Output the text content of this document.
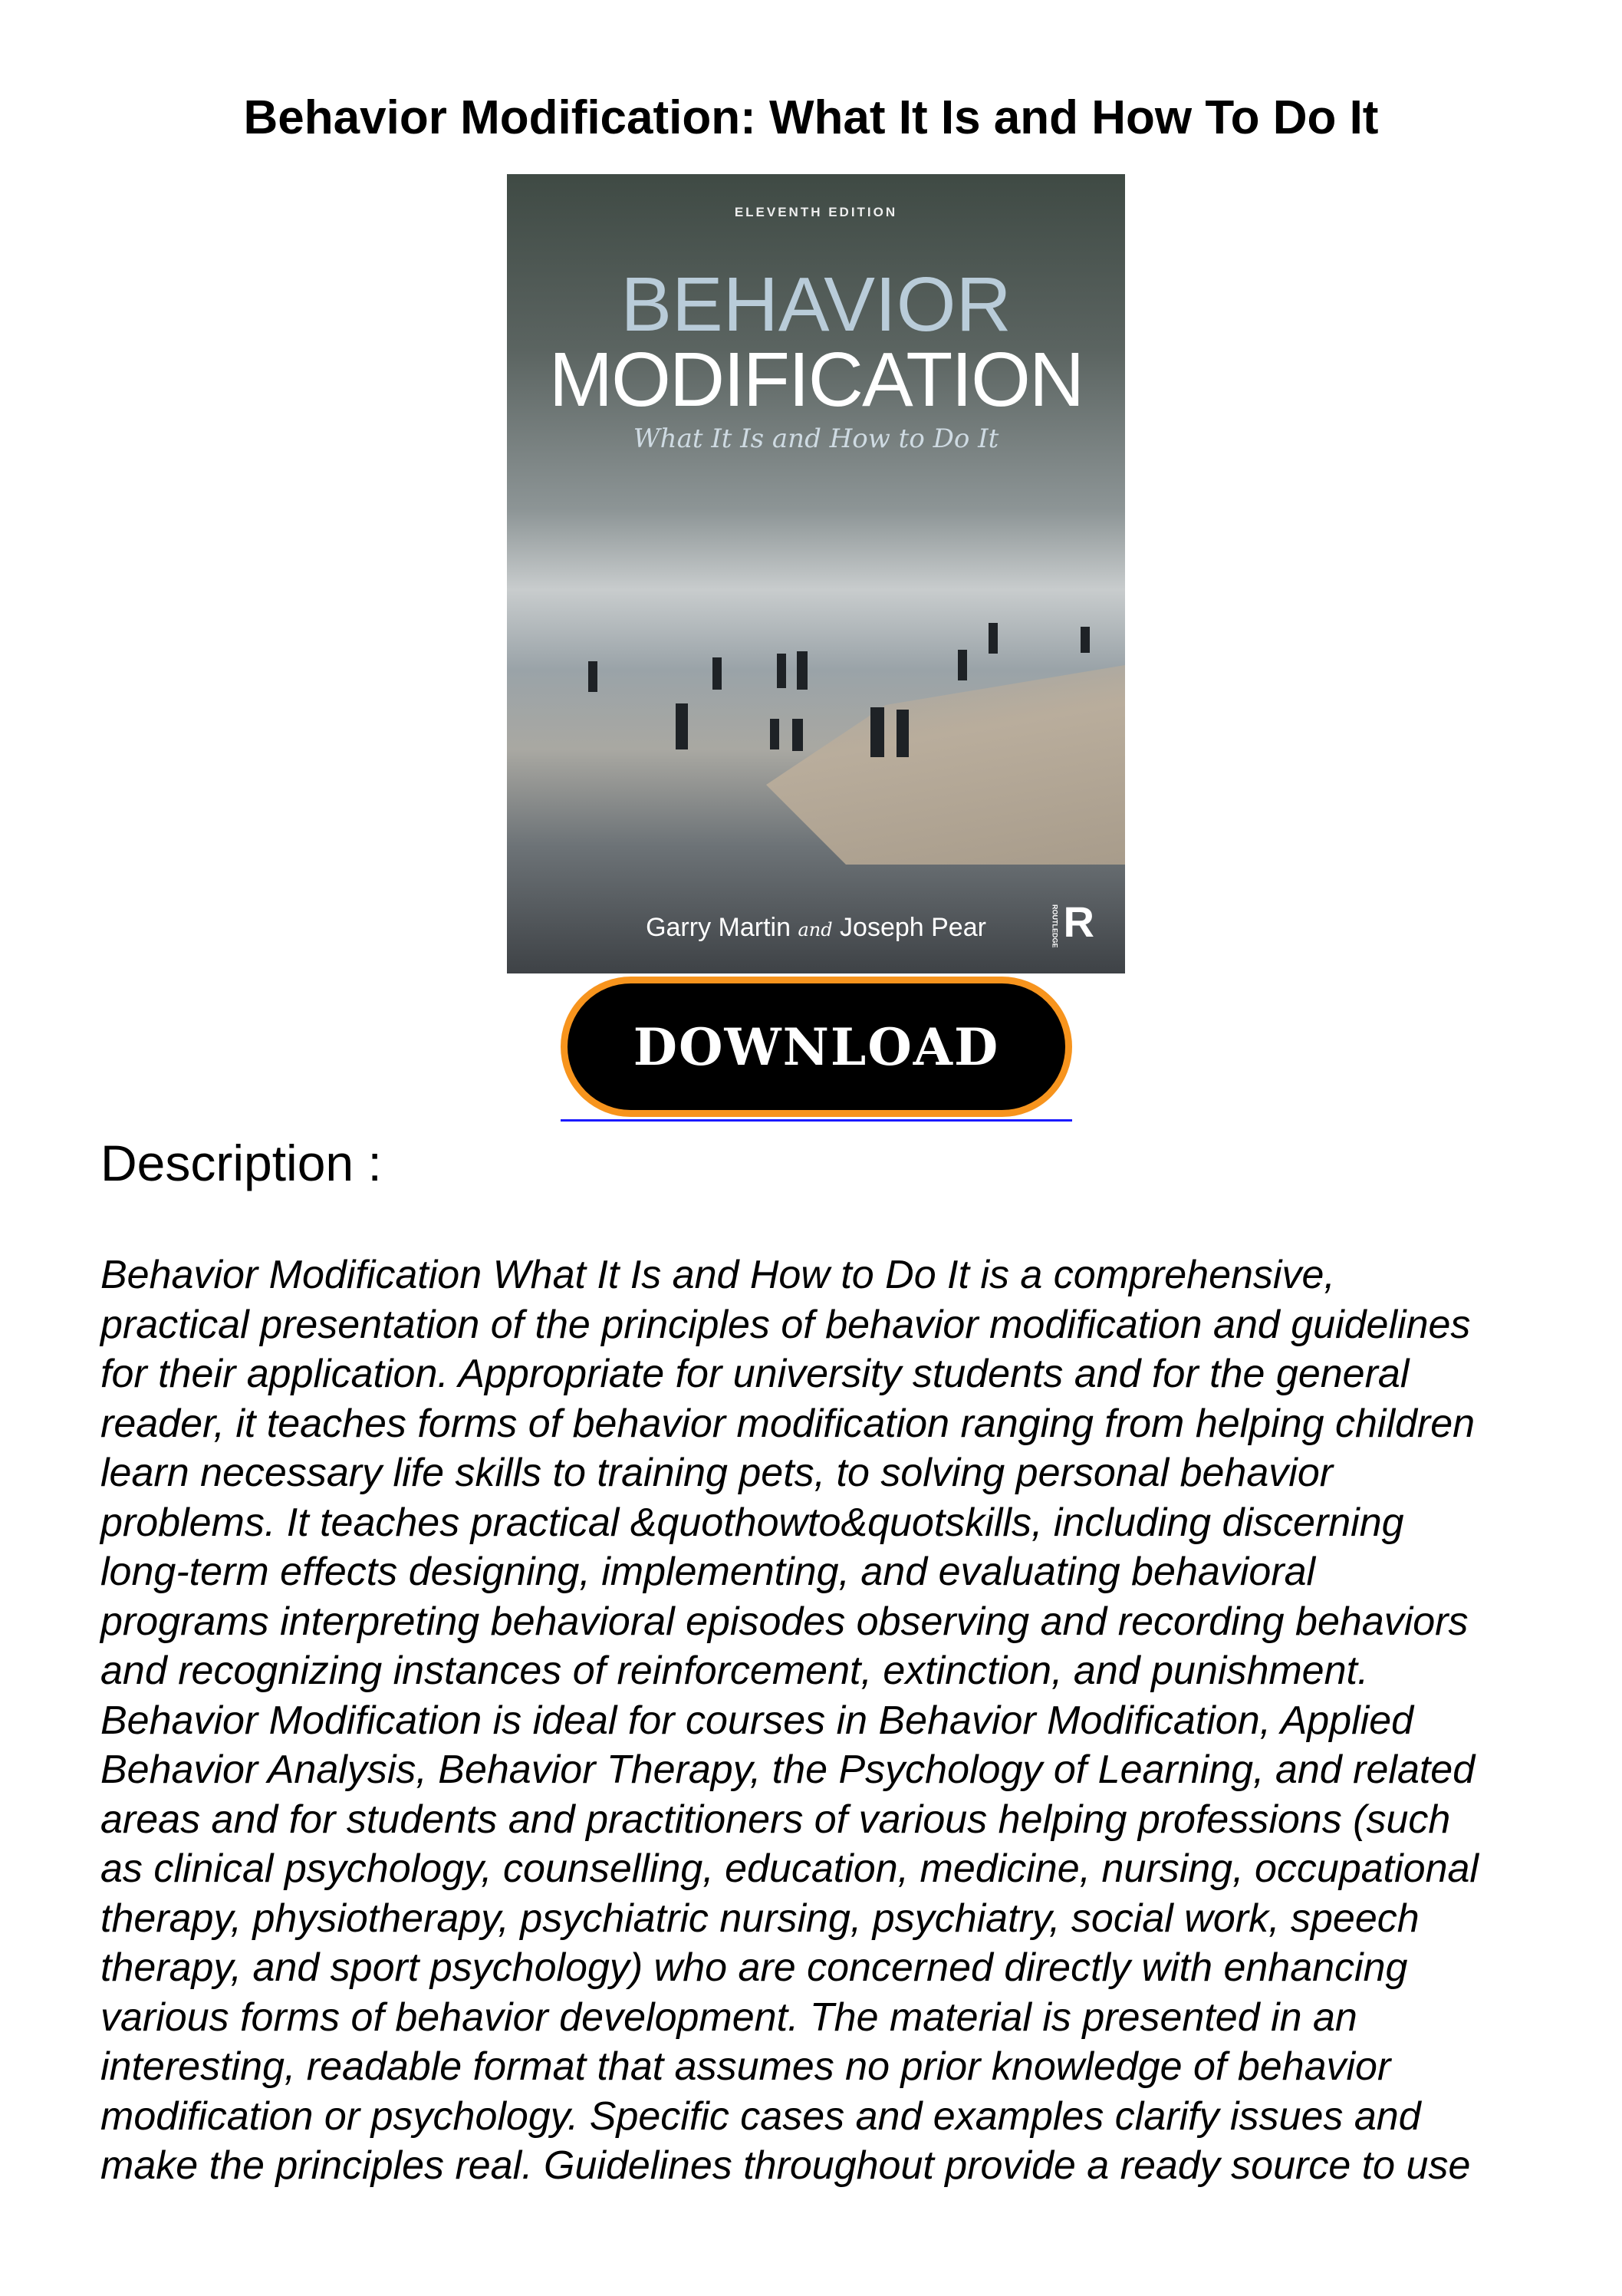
Behavior Modification: What It Is and How To Do It
ELEVENTH EDITION
BEHAVIOR
MODIFICATION
What It Is and How to Do It
Garry Martin and Joseph Pear	R
ROUTLEDGE
DOWNLOAD
Description :
Behavior Modification What It Is and How to Do It is a comprehensive,
practical presentation of the principles of behavior modification and guidelines
for their application. Appropriate for university students and for the general
reader, it teaches forms of behavior modification ranging from helping children
learn necessary life skills to training pets, to solving personal behavior
problems. It teaches practical &quothowto&quotskills, including discerning
long-term effects designing, implementing, and evaluating behavioral
programs interpreting behavioral episodes observing and recording behaviors
and recognizing instances of reinforcement, extinction, and punishment.
Behavior Modification is ideal for courses in Behavior Modification, Applied
Behavior Analysis, Behavior Therapy, the Psychology of Learning, and related
areas and for students and practitioners of various helping professions (such
as clinical psychology, counselling, education, medicine, nursing, occupational
therapy, physiotherapy, psychiatric nursing, psychiatry, social work, speech
therapy, and sport psychology) who are concerned directly with enhancing
various forms of behavior development. The material is presented in an
interesting, readable format that assumes no prior knowledge of behavior
modification or psychology. Specific cases and examples clarify issues and
make the principles real. Guidelines throughout provide a ready source to use
